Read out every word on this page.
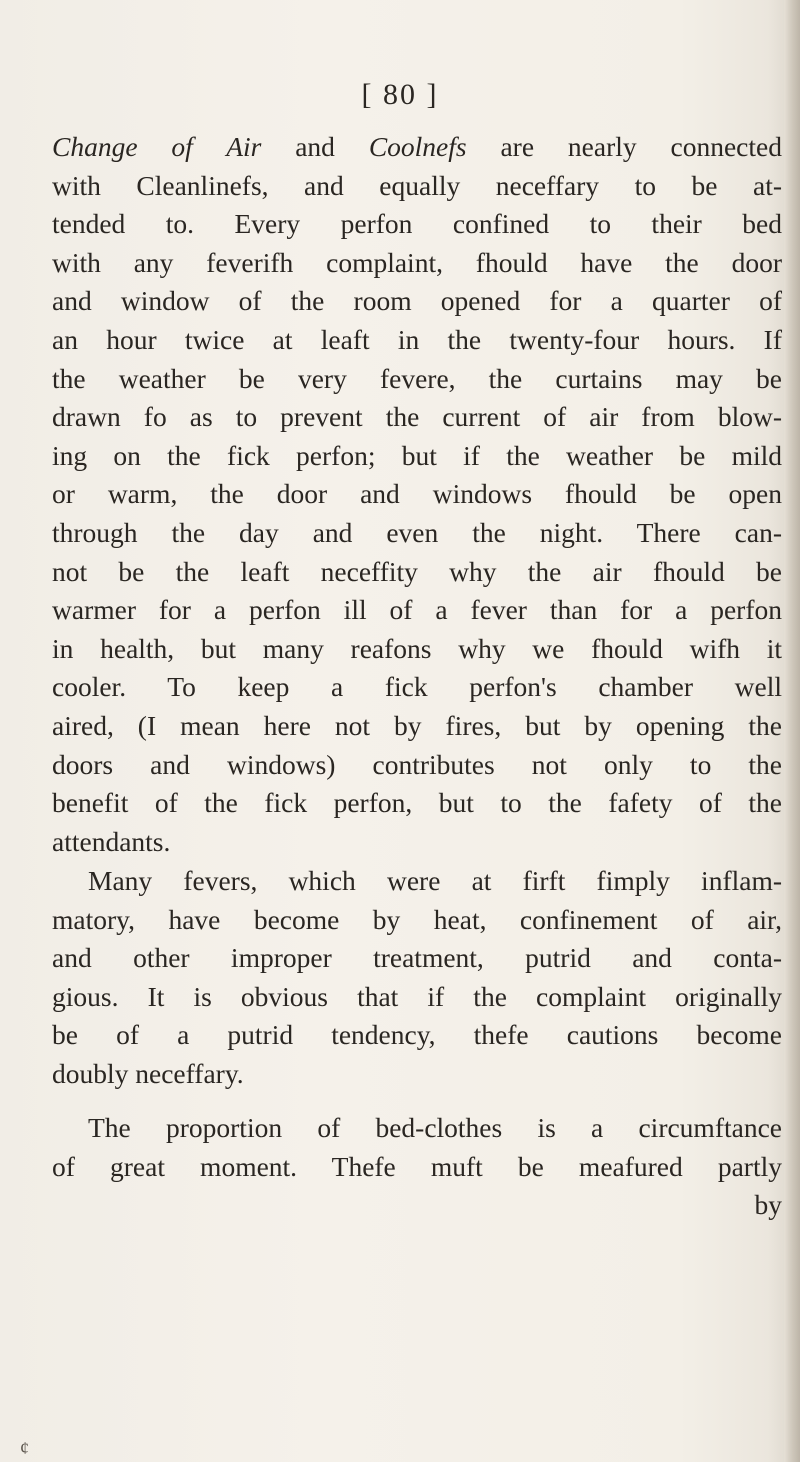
[ 80 ]
Change of Air and Coolnefs are nearly connected
with Cleanlinefs, and equally neceffary to be at-
tended to. Every perfon confined to their bed
with any feverifh complaint, fhould have the door
and window of the room opened for a quarter of
an hour twice at leaft in the twenty-four hours. If
the weather be very fevere, the curtains may be
drawn fo as to prevent the current of air from blow-
ing on the fick perfon; but if the weather be mild
or warm, the door and windows fhould be open
through the day and even the night. There can-
not be the leaft neceffity why the air fhould be
warmer for a perfon ill of a fever than for a perfon
in health, but many reafons why we fhould wifh it
cooler. To keep a fick perfon's chamber well
aired, (I mean here not by fires, but by opening the
doors and windows) contributes not only to the
benefit of the fick perfon, but to the fafety of the
attendants.
Many fevers, which were at firft fimply inflam-
matory, have become by heat, confinement of air,
and other improper treatment, putrid and conta-
gious. It is obvious that if the complaint originally
be of a putrid tendency, thefe cautions become
doubly neceffary.
The proportion of bed-clothes is a circumftance
of great moment. Thefe muft be meafured partly
by
¢
